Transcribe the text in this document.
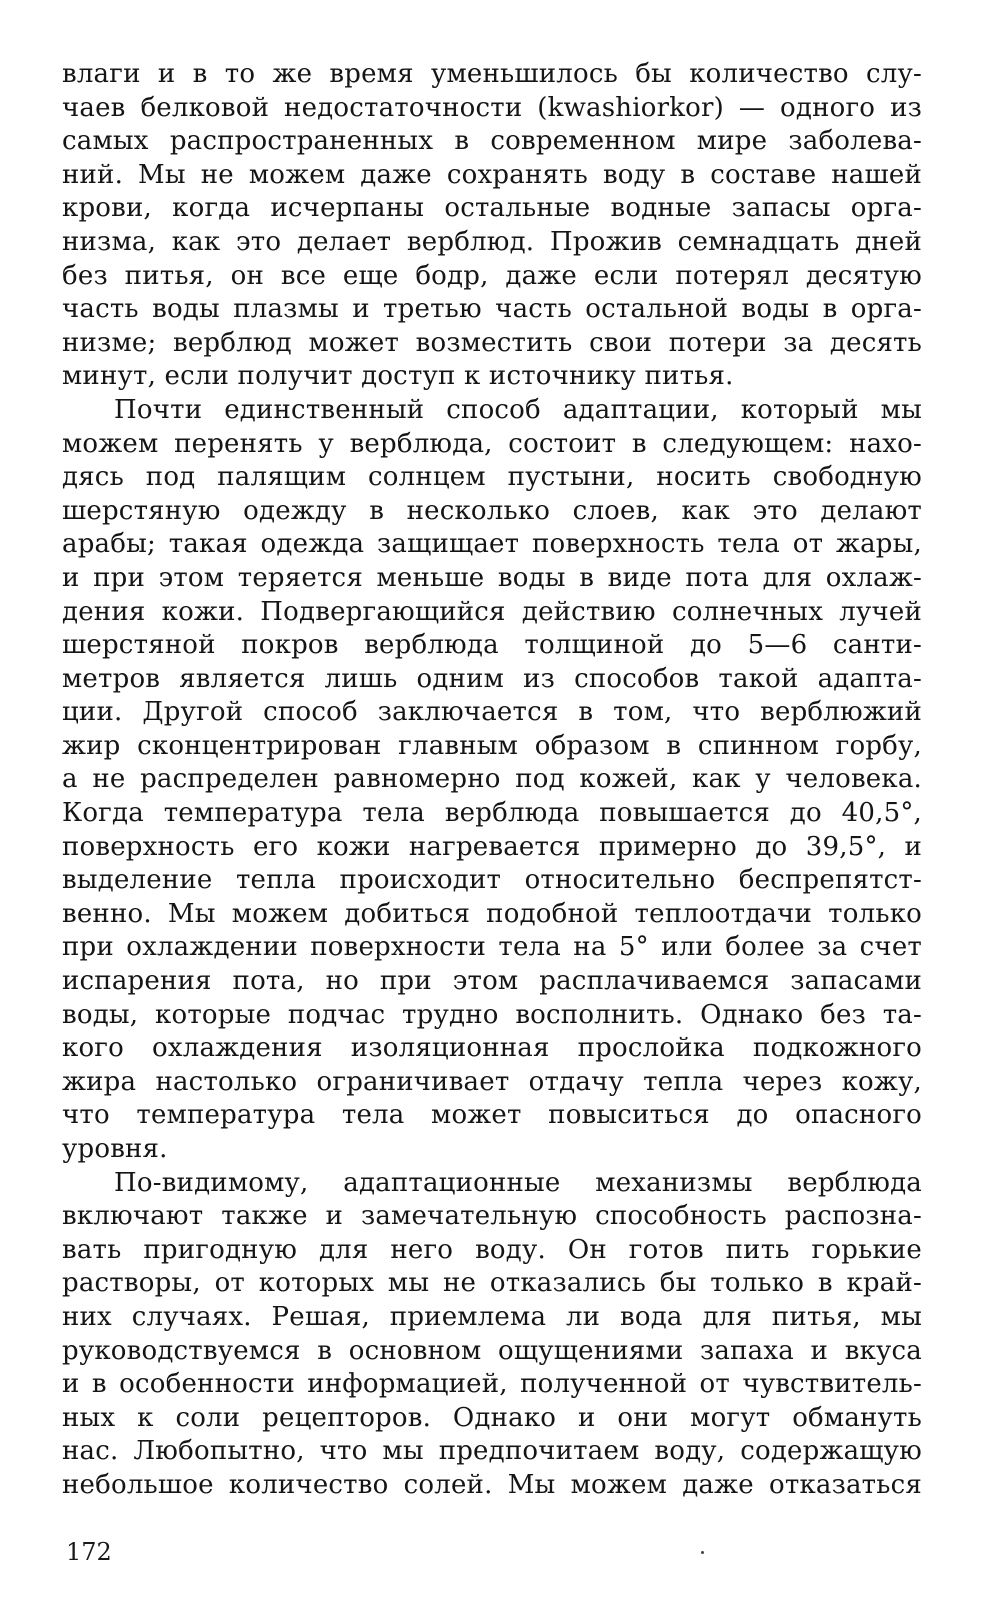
влаги и в то же время уменьшилось бы количество слу-
чаев белковой недостаточности (kwashiorkor) — одного из
самых распространенных в современном мире заболева-
ний. Мы не можем даже сохранять воду в составе нашей
крови, когда исчерпаны остальные водные запасы орга-
низма, как это делает верблюд. Прожив семнадцать дней
без питья, он все еще бодр, даже если потерял десятую
часть воды плазмы и третью часть остальной воды в орга-
низме; верблюд может возместить свои потери за десять
минут, если получит доступ к источнику питья.

Почти единственный способ адаптации, который мы
можем перенять у верблюда, состоит в следующем: нахо-
дясь под палящим солнцем пустыни, носить свободную
шерстяную одежду в несколько слоев, как это делают
арабы; такая одежда защищает поверхность тела от жары,
и при этом теряется меньше воды в виде пота для охлаж-
дения кожи. Подвергающийся действию солнечных лучей
шерстяной покров верблюда толщиной до 5—6 санти-
метров является лишь одним из способов такой адапта-
ции. Другой способ заключается в том, что верблюжий
жир сконцентрирован главным образом в спинном горбу,
а не распределен равномерно под кожей, как у человека.
Когда температура тела верблюда повышается до 40,5°,
поверхность его кожи нагревается примерно до 39,5°, и
выделение тепла происходит относительно беспрепятст-
венно. Мы можем добиться подобной теплоотдачи только
при охлаждении поверхности тела на 5° или более за счет
испарения пота, но при этом расплачиваемся запасами
воды, которые подчас трудно восполнить. Однако без та-
кого охлаждения изоляционная прослойка подкожного
жира настолько ограничивает отдачу тепла через кожу,
что температура тела может повыситься до опасного
уровня.

По-видимому, адаптационные механизмы верблюда
включают также и замечательную способность распозна-
вать пригодную для него воду. Он готов пить горькие
растворы, от которых мы не отказались бы только в край-
них случаях. Решая, приемлема ли вода для питья, мы
руководствуемся в основном ощущениями запаха и вкуса
и в особенности информацией, полученной от чувствитель-
ных к соли рецепторов. Однако и они могут обмануть
нас. Любопытно, что мы предпочитаем воду, содержащую
небольшое количество солей. Мы можем даже отказаться

172
